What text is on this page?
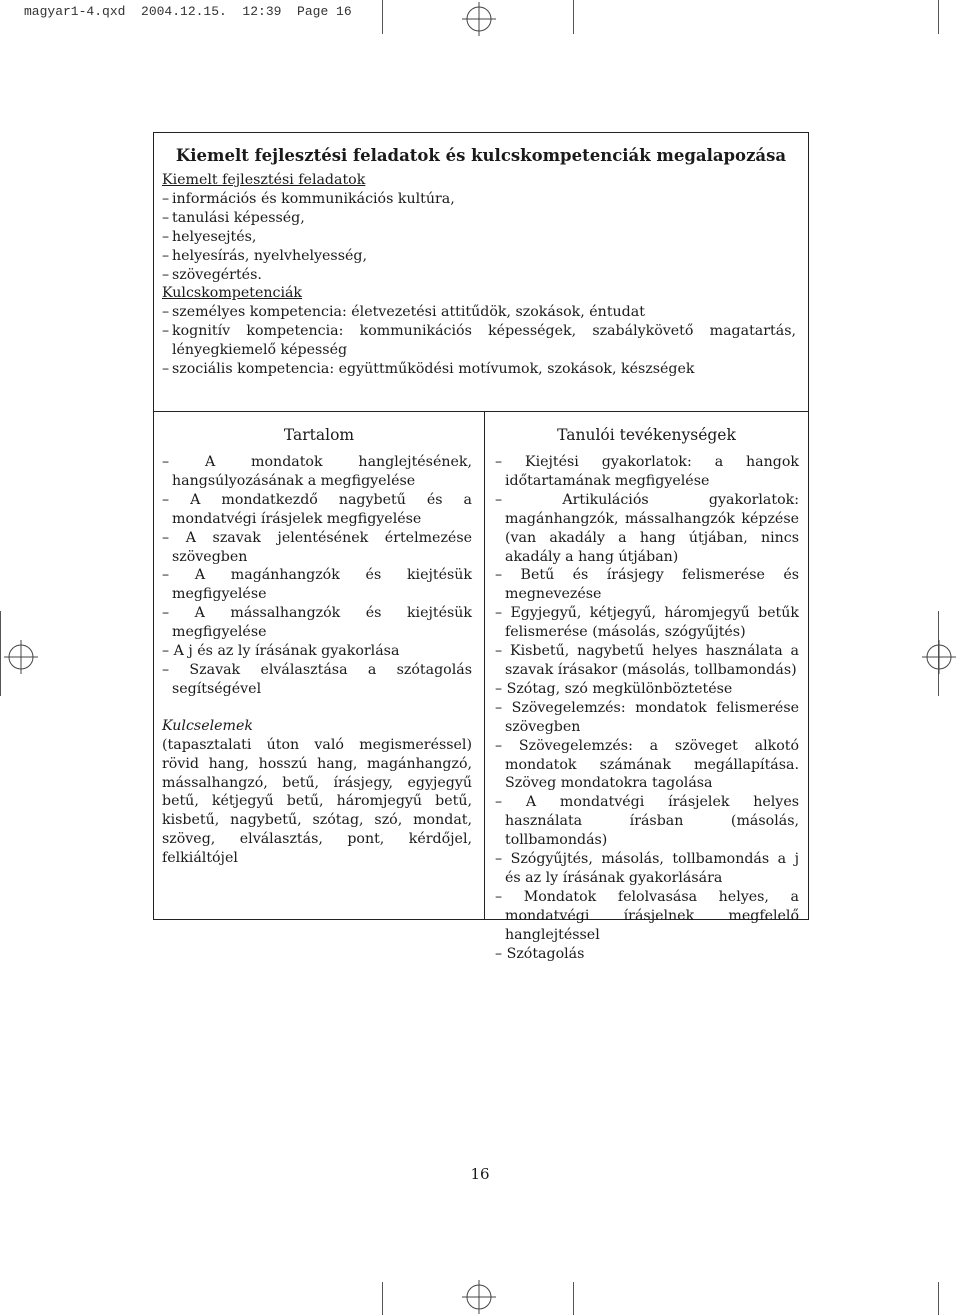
magyar1-4.qxd  2004.12.15.  12:39  Page 16
Kiemelt fejlesztési feladatok és kulcskompetenciák megalapozása
Kiemelt fejlesztési feladatok
– információs és kommunikációs kultúra,
– tanulási képesség,
– helyesejtés,
– helyesírás, nyelvhelyesség,
– szövegértés.
Kulcskompetenciák
– személyes kompetencia: életvezetési attitűdök, szokások, éntudat
– kognitív kompetencia: kommunikációs képességek, szabálykövető magatartás, lényegkiemelő képesség
– szociális kompetencia: együttműködési motívumok, szokások, készségek
Tartalom
– A mondatok hanglejtésének, hangsúlyozásának a megfigyelése
– A mondatkezdő nagybetű és a mondatvégi írásjelek megfigyelése
– A szavak jelentésének értelmezése szövegben
– A magánhangzók és kiejtésük megfigyelése
– A mássalhangzók és kiejtésük megfigyelése
– A j és az ly írásának gyakorlása
– Szavak elválasztása a szótagolás segítségével
Kulcselemek
(tapasztalati úton való megismeréssel) rövid hang, hosszú hang, magánhangzó, mássalhangzó, betű, írásjegy, egyjegyű betű, kétjegyű betű, háromjegyű betű, kisbetű, nagybetű, szótag, szó, mondat, szöveg, elválasztás, pont, kérdőjel, felkiáltójel
Tanulói tevékenységek
– Kiejtési gyakorlatok: a hangok időtartamának megfigyelése
– Artikulációs gyakorlatok: magánhangzók, mássalhangzók képzése (van akadály a hang útjában, nincs akadály a hang útjában)
– Betű és írásjegy felismerése és megnevezése
– Egyjegyű, kétjegyű, háromjegyű betűk felismerése (másolás, szógyűjtés)
– Kisbetű, nagybetű helyes használata a szavak írásakor (másolás, tollbamondás)
– Szótag, szó megkülönböztetése
– Szövegelemzés: mondatok felismerése szövegben
– Szövegelemzés: a szöveget alkotó mondatok számának megállapítása. Szöveg mondatokra tagolása
– A mondatvégi írásjelek helyes használata írásban (másolás, tollbamondás)
– Szógyűjtés, másolás, tollbamondás a j és az ly írásának gyakorlására
– Mondatok felolvasása helyes, a mondatvégi írásjelnek megfelelő hanglejtéssel
– Szótagolás
16
